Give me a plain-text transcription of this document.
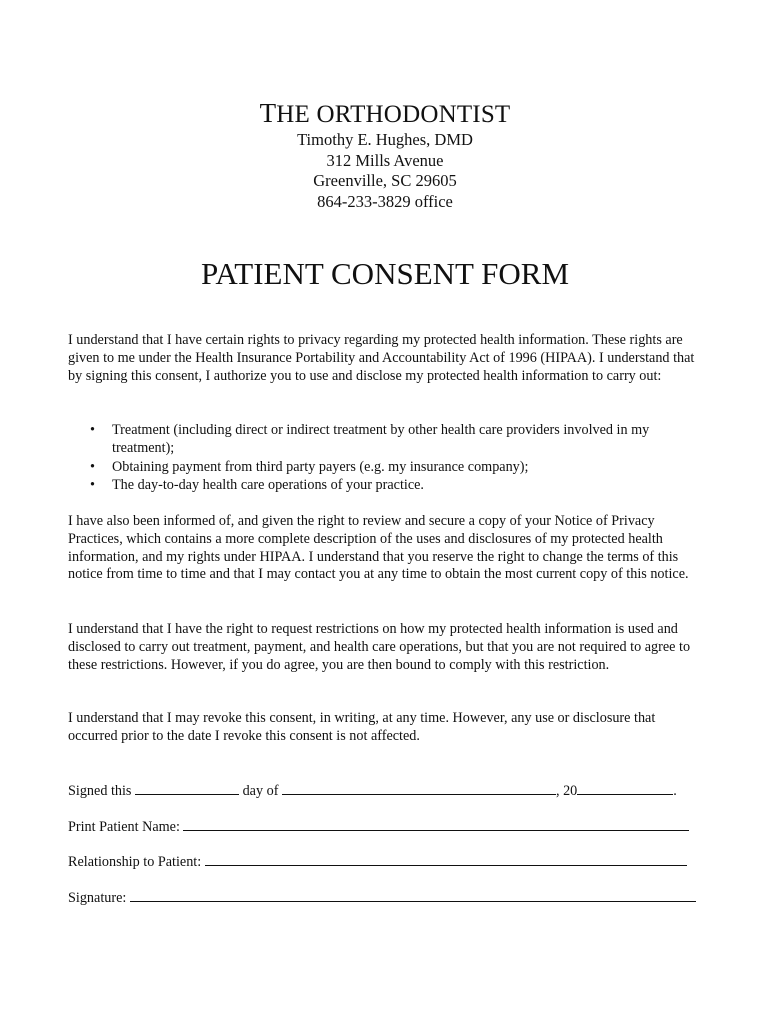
THE ORTHODONTIST
Timothy E. Hughes, DMD
312 Mills Avenue
Greenville, SC 29605
864-233-3829 office
PATIENT CONSENT FORM
I understand that I have certain rights to privacy regarding my protected health information. These rights are given to me under the Health Insurance Portability and Accountability Act of 1996 (HIPAA). I understand that by signing this consent, I authorize you to use and disclose my protected health information to carry out:
• Treatment (including direct or indirect treatment by other health care providers involved in my treatment);
• Obtaining payment from third party payers (e.g. my insurance company);
• The day-to-day health care operations of your practice.
I have also been informed of, and given the right to review and secure a copy of your Notice of Privacy Practices, which contains a more complete description of the uses and disclosures of my protected health information, and my rights under HIPAA. I understand that you reserve the right to change the terms of this notice from time to time and that I may contact you at any time to obtain the most current copy of this notice.
I understand that I have the right to request restrictions on how my protected health information is used and disclosed to carry out treatment, payment, and health care operations, but that you are not required to agree to these restrictions. However, if you do agree, you are then bound to comply with this restriction.
I understand that I may revoke this consent, in writing, at any time. However, any use or disclosure that occurred prior to the date I revoke this consent is not affected.
Signed this	day of	, 20	.
Print Patient Name:
Relationship to Patient:
Signature:
